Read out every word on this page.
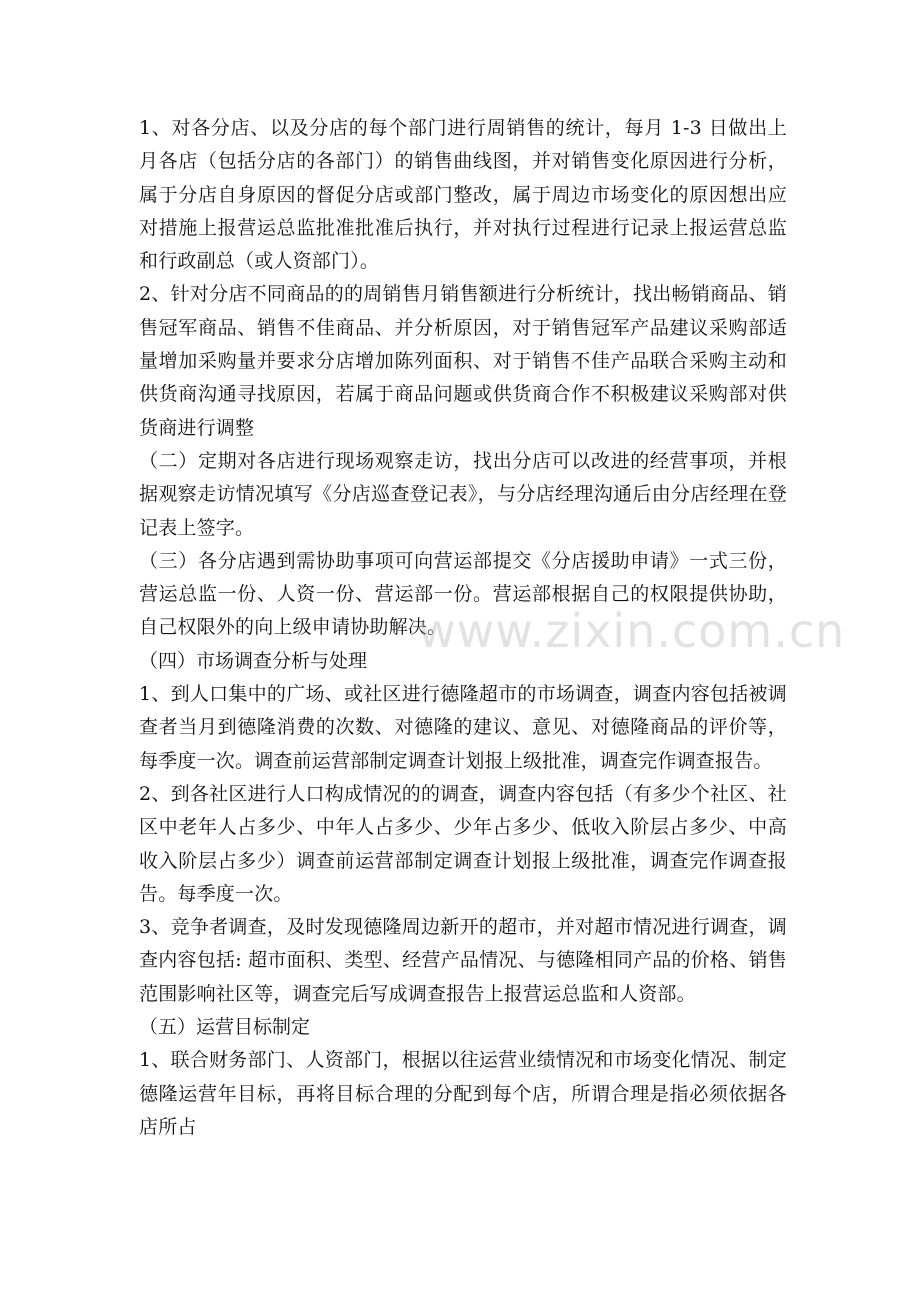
1、对各分店、以及分店的每个部门进行周销售的统计，每月 1-3 日做出上月各店（包括分店的各部门）的销售曲线图，并对销售变化原因进行分析，属于分店自身原因的督促分店或部门整改，属于周边市场变化的原因想出应对措施上报营运总监批准批准后执行，并对执行过程进行记录上报运营总监和行政副总（或人资部门）。

2、针对分店不同商品的的周销售月销售额进行分析统计，找出畅销商品、销售冠军商品、销售不佳商品、并分析原因，对于销售冠军产品建议采购部适量增加采购量并要求分店增加陈列面积、对于销售不佳产品联合采购主动和供货商沟通寻找原因，若属于商品问题或供货商合作不积极建议采购部对供货商进行调整

（二）定期对各店进行现场观察走访，找出分店可以改进的经营事项，并根据观察走访情况填写《分店巡查登记表》，与分店经理沟通后由分店经理在登记表上签字。

（三）各分店遇到需协助事项可向营运部提交《分店援助申请》一式三份，营运总监一份、人资一份、营运部一份。营运部根据自己的权限提供协助，自己权限外的向上级申请协助解决。

（四）市场调查分析与处理

1、到人口集中的广场、或社区进行德隆超市的市场调查，调查内容包括被调查者当月到德隆消费的次数、对德隆的建议、意见、对德隆商品的评价等，每季度一次。调查前运营部制定调查计划报上级批准，调查完作调查报告。

2、到各社区进行人口构成情况的的调查，调查内容包括（有多少个社区、社区中老年人占多少、中年人占多少、少年占多少、低收入阶层占多少、中高收入阶层占多少）调查前运营部制定调查计划报上级批准，调查完作调查报告。每季度一次。

3、竞争者调查，及时发现德隆周边新开的超市，并对超市情况进行调查，调查内容包括: 超市面积、类型、经营产品情况、与德隆相同产品的价格、销售范围影响社区等，调查完后写成调查报告上报营运总监和人资部。

（五）运营目标制定

1、联合财务部门、人资部门，根据以往运营业绩情况和市场变化情况、制定德隆运营年目标，再将目标合理的分配到每个店，所谓合理是指必须依据各店所占

www.zixin.com.cn
